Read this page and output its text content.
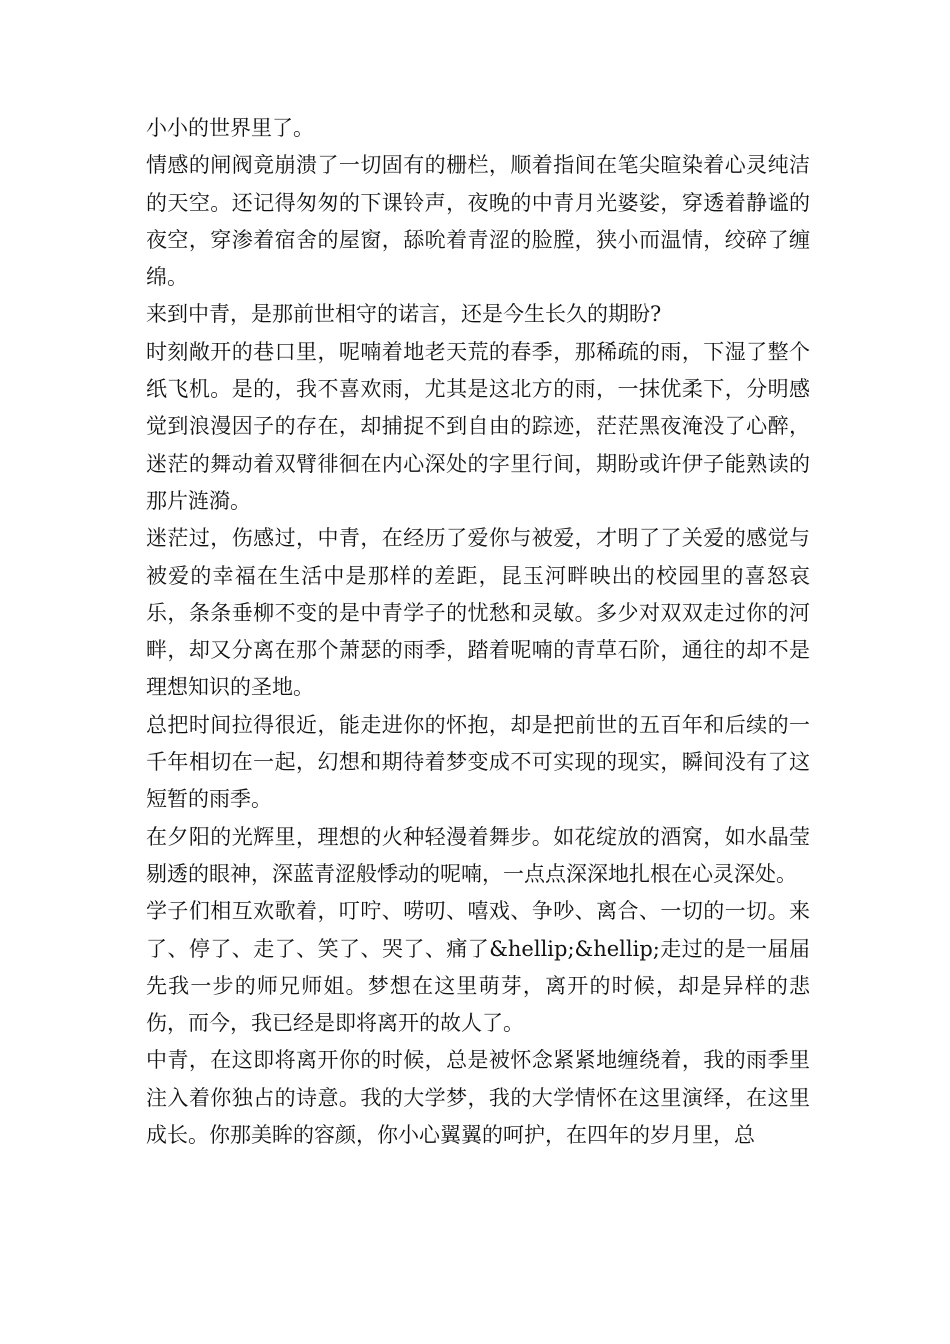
小小的世界里了。

情感的闸阀竟崩溃了一切固有的栅栏，顺着指间在笔尖暄染着心灵纯洁的天空。还记得匆匆的下课铃声，夜晚的中青月光婆娑，穿透着静谧的夜空，穿渗着宿舍的屋窗，舔吮着青涩的脸膛，狭小而温情，绞碎了缠绵。

来到中青，是那前世相守的诺言，还是今生长久的期盼?

时刻敞开的巷口里，呢喃着地老天荒的春季，那稀疏的雨，下湿了整个纸飞机。是的，我不喜欢雨，尤其是这北方的雨，一抹优柔下，分明感觉到浪漫因子的存在，却捕捉不到自由的踪迹，茫茫黑夜淹没了心醉，迷茫的舞动着双臂徘徊在内心深处的字里行间，期盼或许伊子能熟读的那片涟漪。

迷茫过，伤感过，中青，在经历了爱你与被爱，才明了了关爱的感觉与被爱的幸福在生活中是那样的差距，昆玉河畔映出的校园里的喜怒哀乐，条条垂柳不变的是中青学子的忧愁和灵敏。多少对双双走过你的河畔，却又分离在那个萧瑟的雨季，踏着呢喃的青草石阶，通往的却不是理想知识的圣地。

总把时间拉得很近，能走进你的怀抱，却是把前世的五百年和后续的一千年相切在一起，幻想和期待着梦变成不可实现的现实，瞬间没有了这短暂的雨季。

在夕阳的光辉里，理想的火种轻漫着舞步。如花绽放的酒窝，如水晶莹剔透的眼神，深蓝青涩般悸动的呢喃，一点点深深地扎根在心灵深处。

学子们相互欢歌着，叮咛、唠叨、嘻戏、争吵、离合、一切的一切。来了、停了、走了、笑了、哭了、痛了&hellip;&hellip;走过的是一届届先我一步的师兄师姐。梦想在这里萌芽，离开的时候，却是异样的悲伤，而今，我已经是即将离开的故人了。

中青，在这即将离开你的时候，总是被怀念紧紧地缠绕着，我的雨季里注入着你独占的诗意。我的大学梦，我的大学情怀在这里演绎，在这里成长。你那美眸的容颜，你小心翼翼的呵护，在四年的岁月里，总
